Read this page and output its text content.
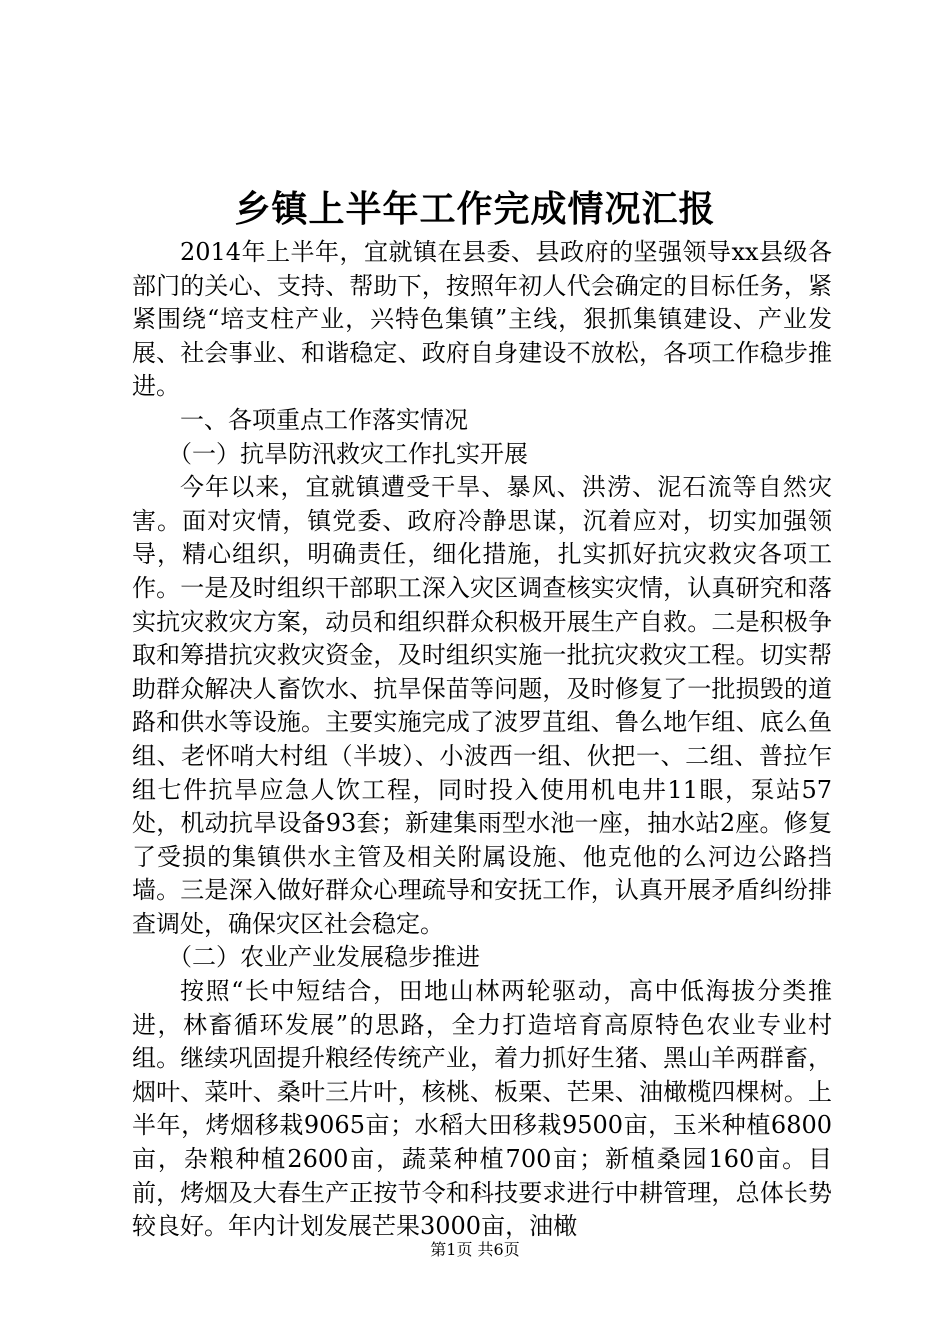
乡镇上半年工作完成情况汇报

2014年上半年，宜就镇在县委、县政府的坚强领导xx县级各部门的关心、支持、帮助下，按照年初人代会确定的目标任务，紧紧围绕“培支柱产业，兴特色集镇”主线，狠抓集镇建设、产业发展、社会事业、和谐稳定、政府自身建设不放松，各项工作稳步推进。

一、各项重点工作落实情况

（一）抗旱防汛救灾工作扎实开展

今年以来，宜就镇遭受干旱、暴风、洪涝、泥石流等自然灾害。面对灾情，镇党委、政府冷静思谋，沉着应对，切实加强领导，精心组织，明确责任，细化措施，扎实抓好抗灾救灾各项工作。一是及时组织干部职工深入灾区调查核实灾情，认真研究和落实抗灾救灾方案，动员和组织群众积极开展生产自救。二是积极争取和筹措抗灾救灾资金，及时组织实施一批抗灾救灾工程。切实帮助群众解决人畜饮水、抗旱保苗等问题，及时修复了一批损毁的道路和供水等设施。主要实施完成了波罗苴组、鲁么地乍组、底么鱼组、老怀哨大村组（半坡）、小波西一组、伙把一、二组、普拉乍组七件抗旱应急人饮工程，同时投入使用机电井11眼，泵站57处，机动抗旱设备93套；新建集雨型水池一座，抽水站2座。修复了受损的集镇供水主管及相关附属设施、他克他的么河边公路挡墙。三是深入做好群众心理疏导和安抚工作，认真开展矛盾纠纷排查调处，确保灾区社会稳定。

（二）农业产业发展稳步推进

按照“长中短结合，田地山林两轮驱动，高中低海拔分类推进，林畜循环发展”的思路，全力打造培育高原特色农业专业村组。继续巩固提升粮经传统产业，着力抓好生猪、黑山羊两群畜，烟叶、菜叶、桑叶三片叶，核桃、板栗、芒果、油橄榄四棵树。上半年，烤烟移栽9065亩；水稻大田移栽9500亩，玉米种植6800亩，杂粮种植2600亩，蔬菜种植700亩；新植桑园160亩。目前，烤烟及大春生产正按节令和科技要求进行中耕管理，总体长势较良好。年内计划发展芒果3000亩，油橄

第1页 共6页
